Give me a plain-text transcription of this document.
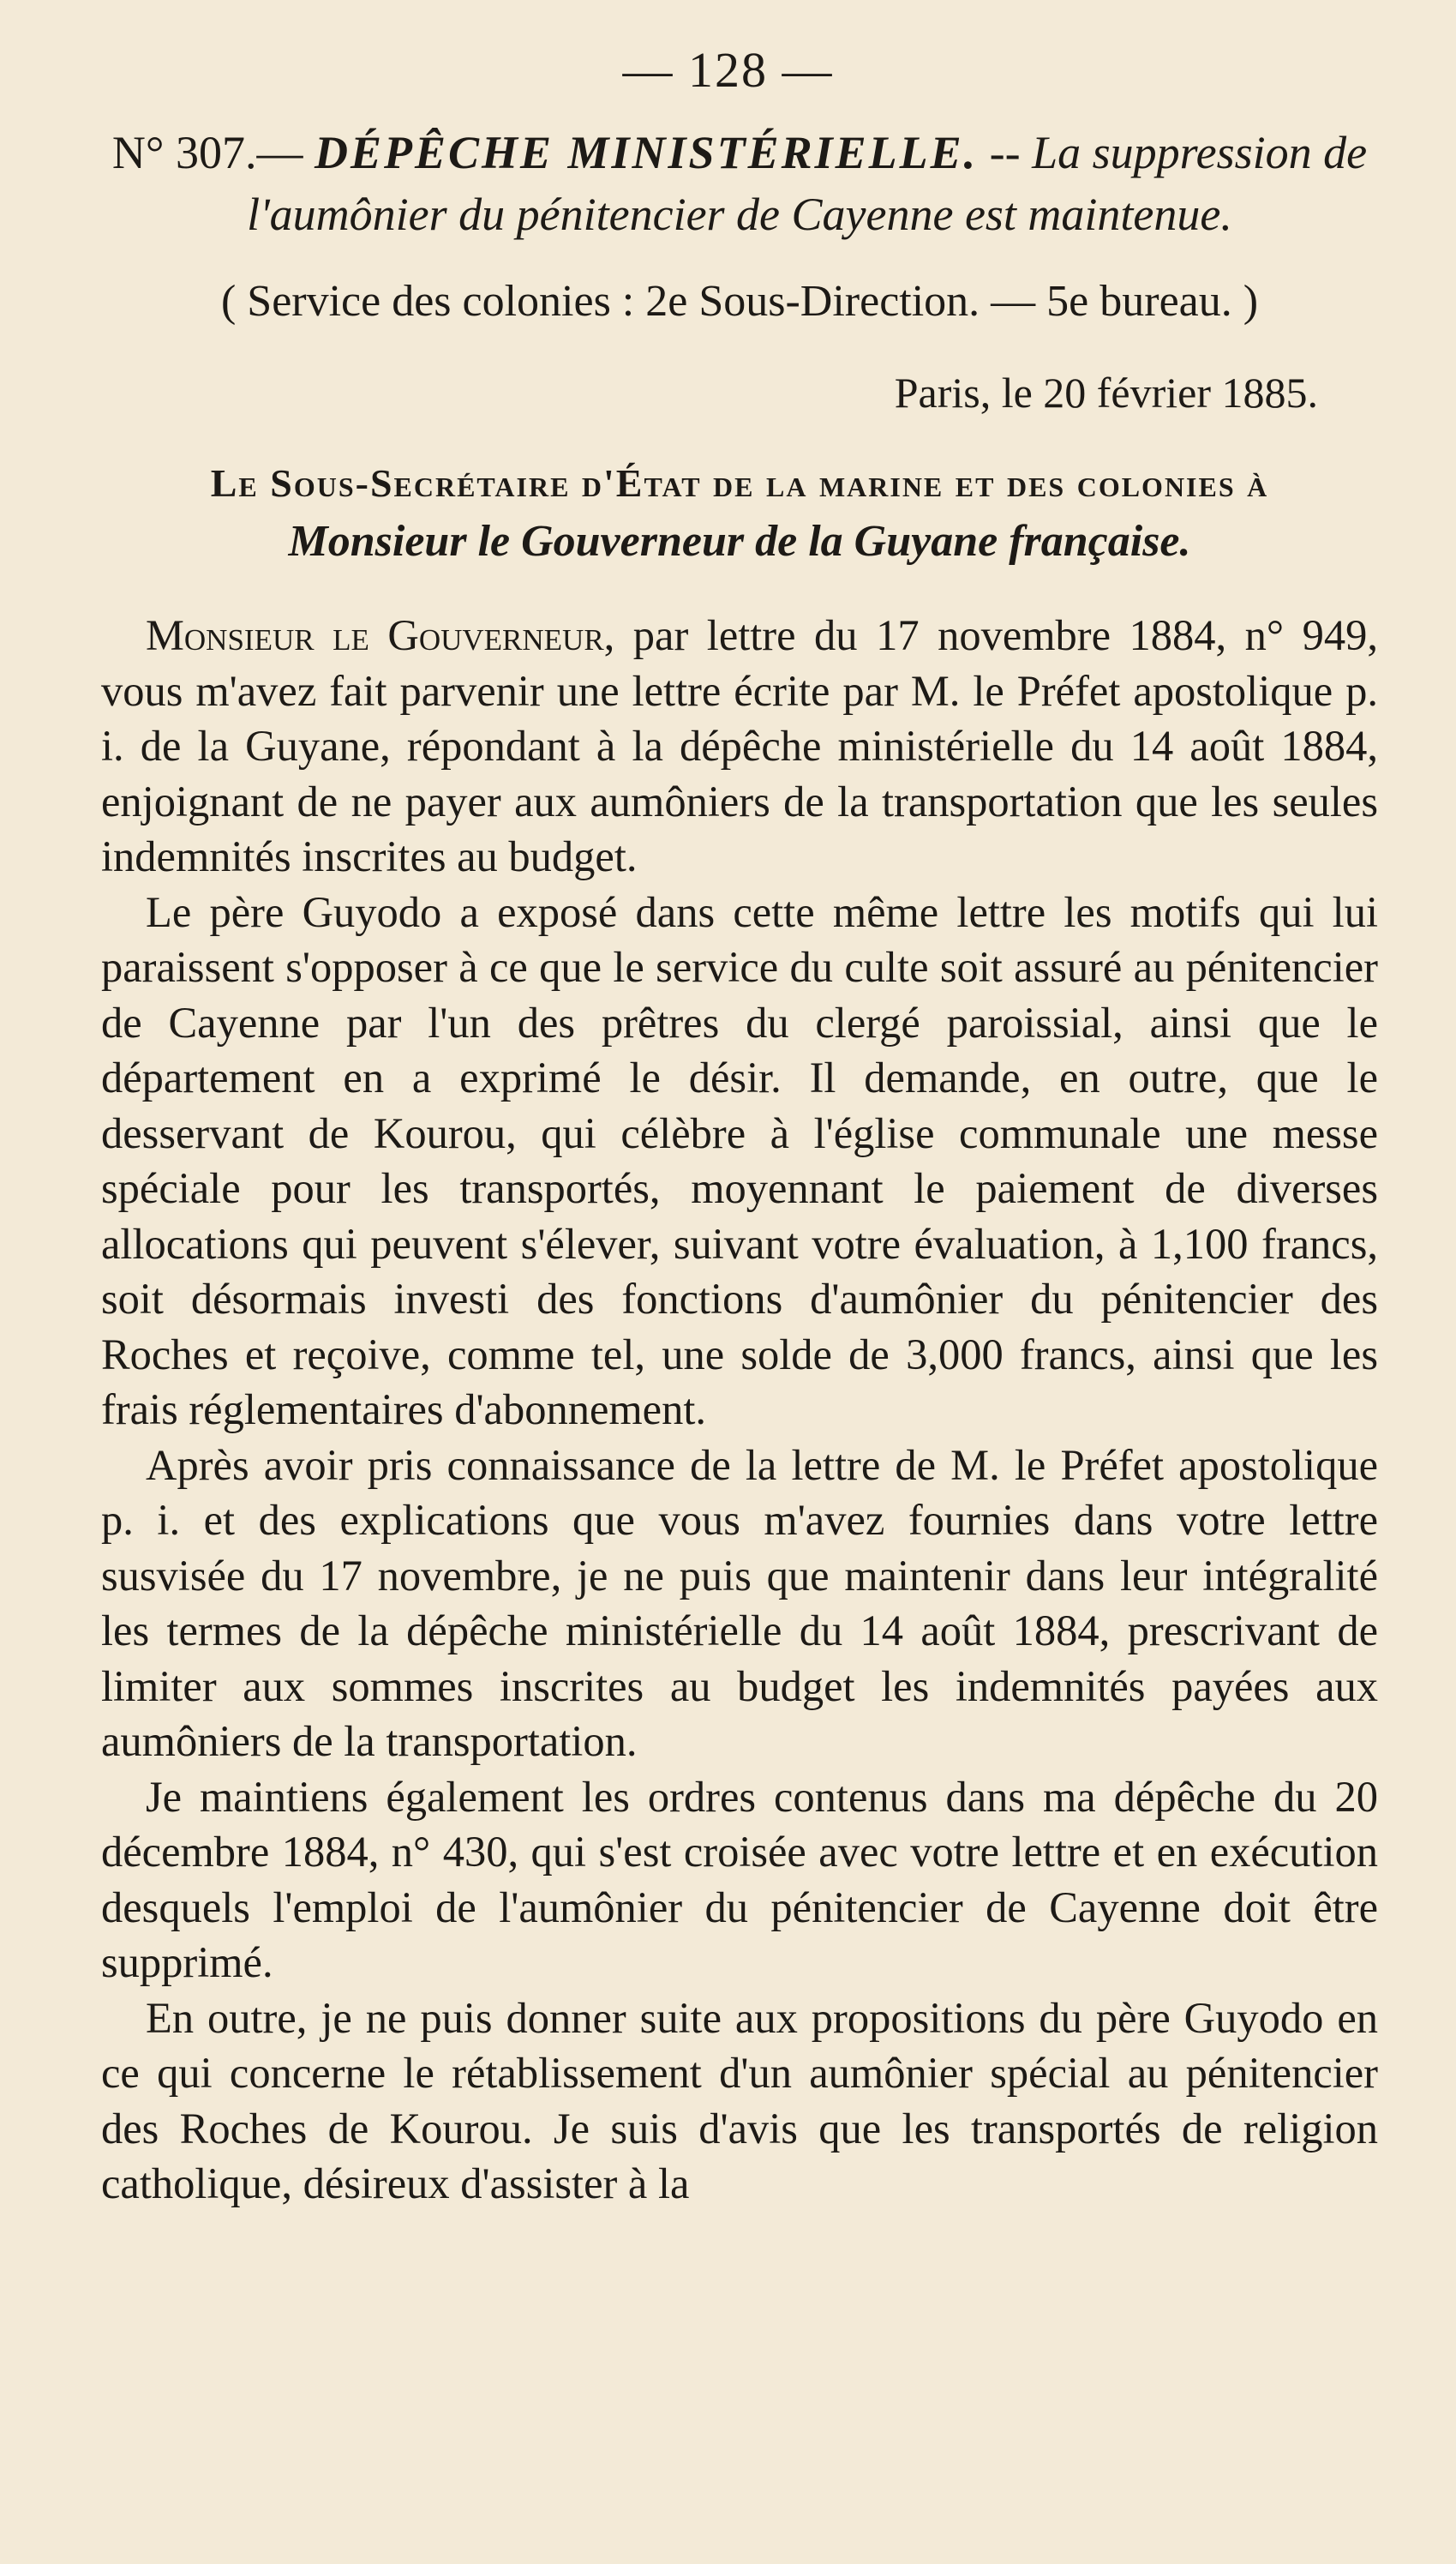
— 128 —

N° 307.— DÉPÊCHE MINISTÉRIELLE. -- La suppression de l'aumônier du pénitencier de Cayenne est maintenue.

( Service des colonies : 2e Sous-Direction. — 5e bureau. )

Paris, le 20 février 1885.

Le Sous-Secrétaire d'État de la marine et des colonies à
Monsieur le Gouverneur de la Guyane française.

Monsieur le Gouverneur, par lettre du 17 novembre 1884, n° 949, vous m'avez fait parvenir une lettre écrite par M. le Préfet apostolique p. i. de la Guyane, répondant à la dépêche ministérielle du 14 août 1884, enjoignant de ne payer aux aumôniers de la transportation que les seules indemnités inscrites au budget.

Le père Guyodo a exposé dans cette même lettre les motifs qui lui paraissent s'opposer à ce que le service du culte soit assuré au pénitencier de Cayenne par l'un des prêtres du clergé paroissial, ainsi que le département en a exprimé le désir. Il demande, en outre, que le desservant de Kourou, qui célèbre à l'église communale une messe spéciale pour les transportés, moyennant le paiement de diverses allocations qui peuvent s'élever, suivant votre évaluation, à 1,100 francs, soit désormais investi des fonctions d'aumônier du pénitencier des Roches et reçoive, comme tel, une solde de 3,000 francs, ainsi que les frais réglementaires d'abonnement.

Après avoir pris connaissance de la lettre de M. le Préfet apostolique p. i. et des explications que vous m'avez fournies dans votre lettre susvisée du 17 novembre, je ne puis que maintenir dans leur intégralité les termes de la dépêche ministérielle du 14 août 1884, prescrivant de limiter aux sommes inscrites au budget les indemnités payées aux aumôniers de la transportation.

Je maintiens également les ordres contenus dans ma dépêche du 20 décembre 1884, n° 430, qui s'est croisée avec votre lettre et en exécution desquels l'emploi de l'aumônier du pénitencier de Cayenne doit être supprimé.

En outre, je ne puis donner suite aux propositions du père Guyodo en ce qui concerne le rétablissement d'un aumônier spécial au pénitencier des Roches de Kourou. Je suis d'avis que les transportés de religion catholique, désireux d'assister à la
